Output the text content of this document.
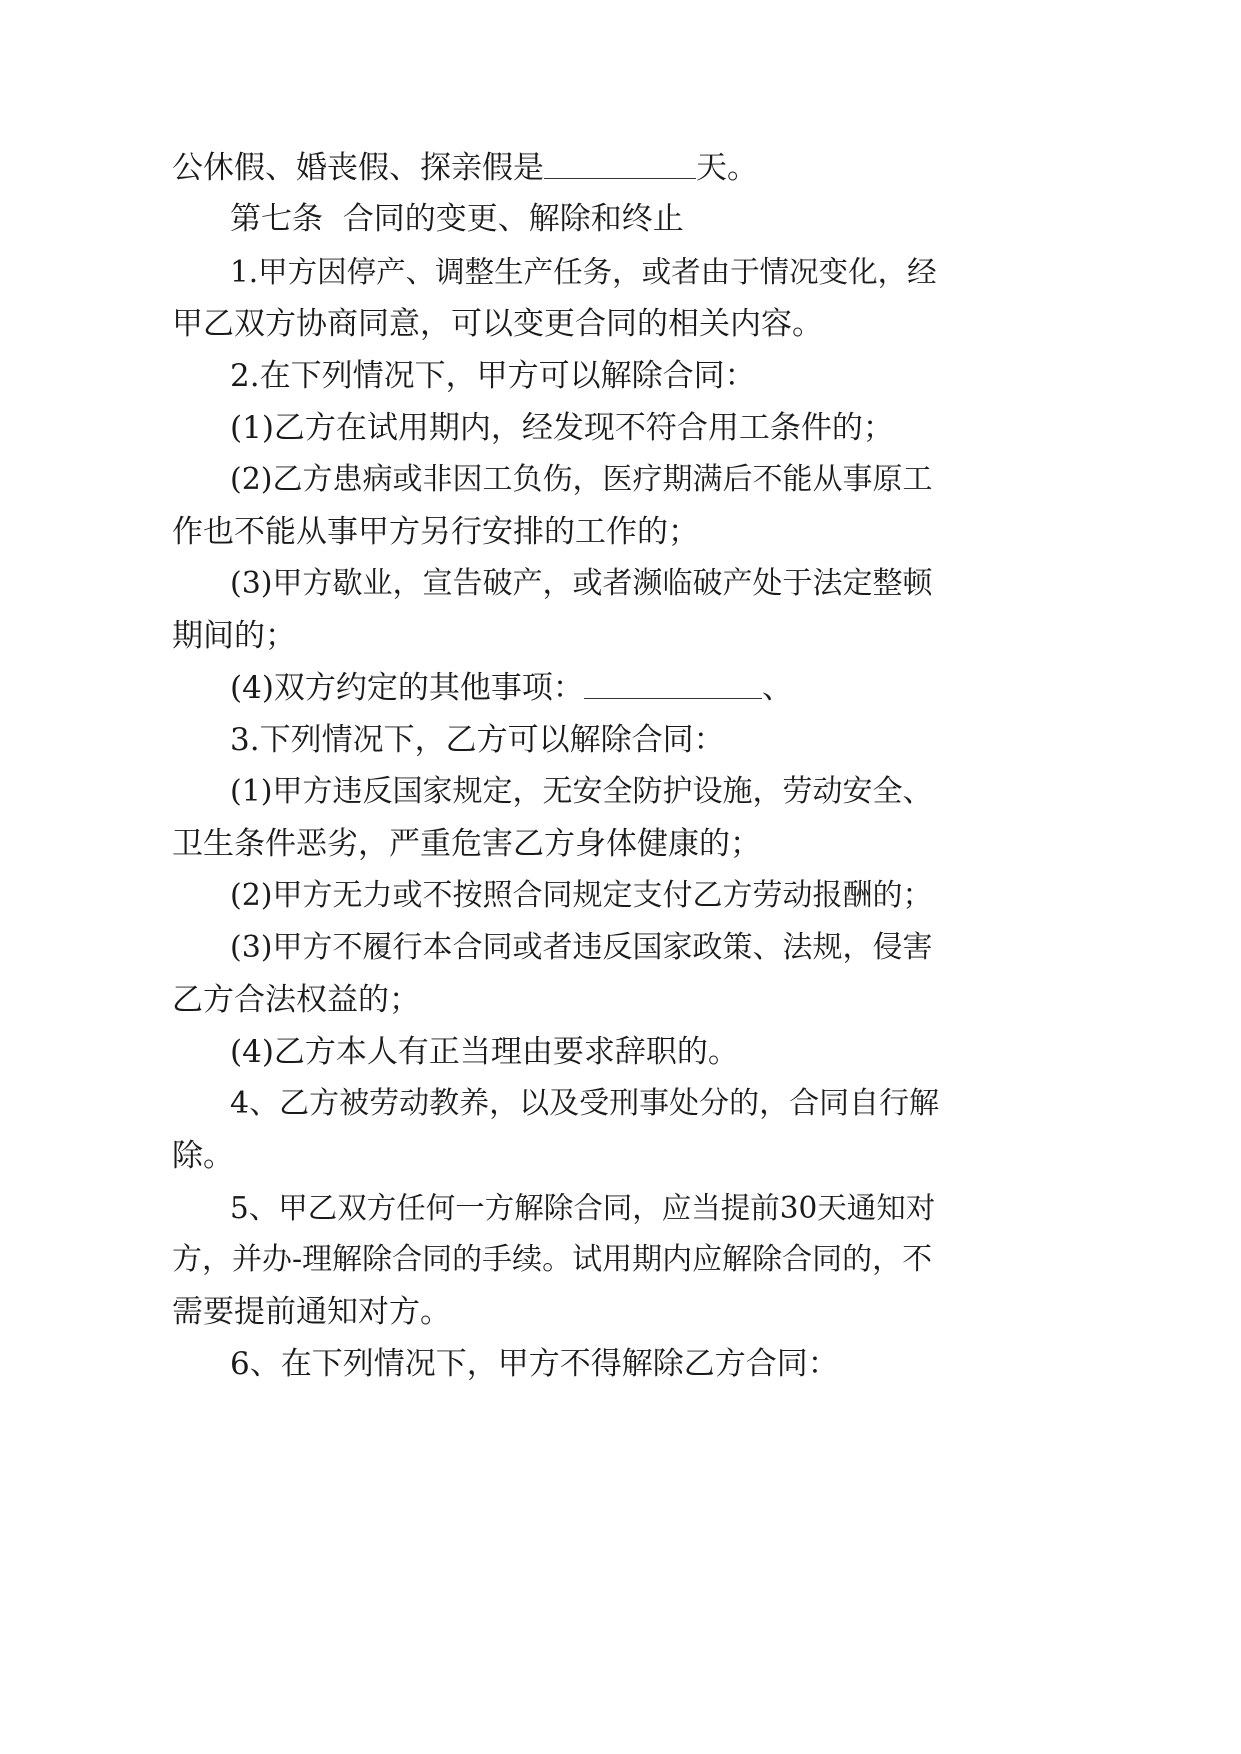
公休假、婚丧假、探亲假是	天。
第七条  合同的变更、解除和终止
1.甲方因停产、调整生产任务，或者由于情况变化，经
甲乙双方协商同意，可以变更合同的相关内容。
2.在下列情况下，甲方可以解除合同：
(1)乙方在试用期内，经发现不符合用工条件的；
(2)乙方患病或非因工负伤，医疗期满后不能从事原工
作也不能从事甲方另行安排的工作的；
(3)甲方歇业，宣告破产，或者濒临破产处于法定整顿
期间的；
(4)双方约定的其他事项：	、
3.下列情况下，乙方可以解除合同：
(1)甲方违反国家规定，无安全防护设施，劳动安全、
卫生条件恶劣，严重危害乙方身体健康的；
(2)甲方无力或不按照合同规定支付乙方劳动报酬的；
(3)甲方不履行本合同或者违反国家政策、法规，侵害
乙方合法权益的；
(4)乙方本人有正当理由要求辞职的。
4、乙方被劳动教养，以及受刑事处分的，合同自行解
除。
5、甲乙双方任何一方解除合同，应当提前30天通知对
方，并办-理解除合同的手续。试用期内应解除合同的，不
需要提前通知对方。
6、在下列情况下，甲方不得解除乙方合同：
